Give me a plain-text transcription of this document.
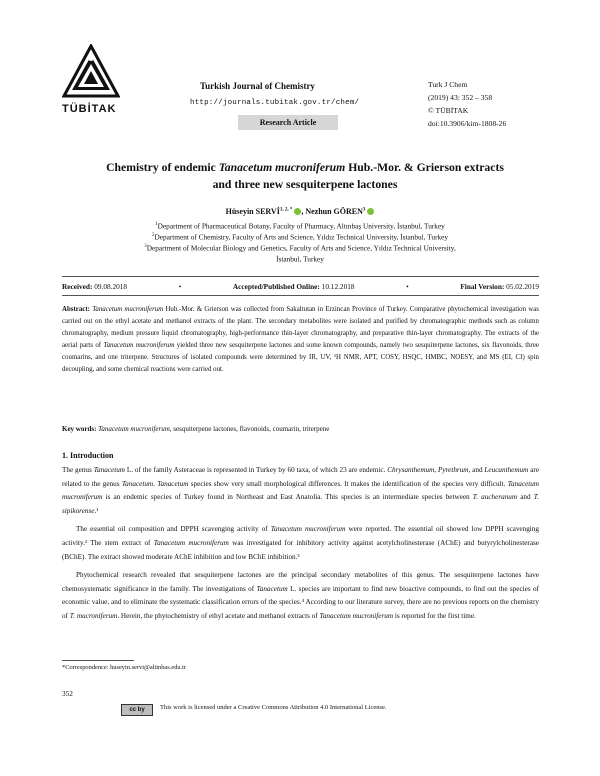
TÜBİTAK
Turkish Journal of Chemistry
http://journals.tubitak.gov.tr/chem/
Research Article
Turk J Chem
(2019) 43: 352 – 358
© TÜBİTAK
doi:10.3906/kim-1808-26
Chemistry of endemic Tanacetum mucroniferum Hub.-Mor. & Grierson extracts
and three new sesquiterpene lactones
Hüseyin $SERVİ^{1, 2, *}$ , Nezhun GÖREN$^3$
$^1$Department of Pharmaceutical Botany, Faculty of Pharmacy, Altınbaş University, İstanbul, Turkey
$^2$Department of Chemistry, Faculty of Arts and Science, Yıldız Technical University, İstanbul, Turkey
$^3$Department of Molecular Biology and Genetics, Faculty of Arts and Science, Yıldız Technical University,
İstanbul, Turkey
Received: 09.08.2018	•	Accepted/Published Online: 10.12.2018	•	Final Version: 05.02.2019
Abstract: Tanacetum mucroniferum Hub.-Mor. & Grierson was collected from Sakaltutan in Erzincan Province of Turkey. Comparative phytochemical investigation was carried out on the ethyl acetate and methanol extracts of the plant. The secondary metabolites were isolated and purified by chromatographic methods such as column chromatography, medium pressure liquid chromatography, high-performance thin-layer chromatography, and preparative thin-layer chromatography. The extracts of the aerial parts of Tanacetum mucroniferum yielded three new sesquiterpene lactones and some known compounds, namely two sesquiterpene lactones, six flavonoids, three coumarins, and one triterpene. Structures of isolated compounds were determined by IR, UV, ¹H NMR, APT, COSY, HSQC, HMBC, NOESY, and MS (EI, CI) spin decoupling, and some chemical reactions were carried out.
Key words: Tanacetum mucroniferum, sesquiterpene lactones, flavonoids, coumarin, triterpene
1. Introduction

The genus Tanacetum L. of the family Asteraceae is represented in Turkey by 60 taxa, of which 23 are endemic. Chrysanthemum, Pyrethrum, and Leucanthemum are related to the genus Tanacetum. Tanacetum species show very small morphological differences. It makes the identification of the species very difficult. Tanacetum mucroniferum is an endemic species of Turkey found in Northeast and East Anatolia. This species is an intermediate species between T. aucheranum and T. sipikorense.¹

The essential oil composition and DPPH scavenging activity of Tanacetum mucroniferum were reported. The essential oil showed low DPPH scavenging activity.² The stem extract of Tanacetum mucroniferum was investigated for inhibitory activity against acetylcholinesterase (AChE) and butyrylcholinesterase (BChE). The extract showed moderate AChE inhibition and low BChE inhibition.³

Phytochemical research revealed that sesquiterpene lactones are the principal secondary metabolites of this genus. The sesquiterpene lactones have chemosystematic significance in the family. The investigations of Tanacetum L. species are important to find new bioactive compounds, to find out the species of economic value, and to eliminate the systematic classification errors of the species.⁴ According to our literature survey, there are no previous reports on the chemistry of T. mucroniferum. Herein, the phytochemistry of ethyl acetate and methanol extracts of Tanacetum mucroniferum is reported for the first time.

*Correspondence: huseyin.servi@altinbas.edu.tr
352
cc by	This work is licensed under a Creative Commons Attribution 4.0 International License.
